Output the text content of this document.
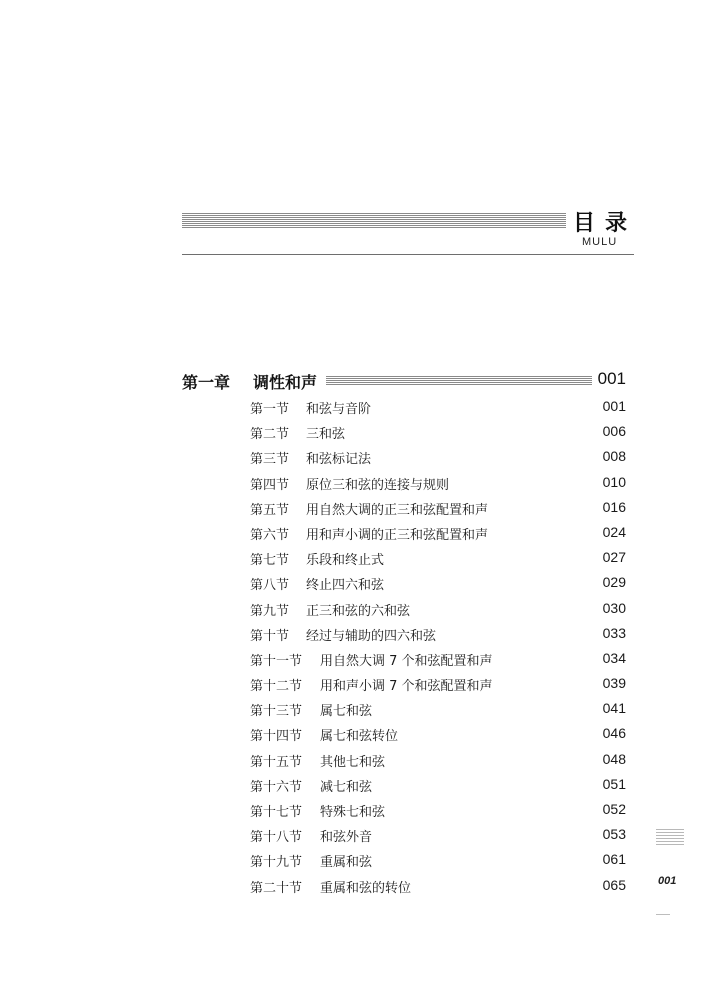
目录
MULU
第一章 调性和声	001
第一节 和弦与音阶	001
第二节 三和弦	006
第三节 和弦标记法	008
第四节 原位三和弦的连接与规则	010
第五节 用自然大调的正三和弦配置和声	016
第六节 用和声小调的正三和弦配置和声	024
第七节 乐段和终止式	027
第八节 终止四六和弦	029
第九节 正三和弦的六和弦	030
第十节 经过与辅助的四六和弦	033
第十一节 用自然大调 7 个和弦配置和声	034
第十二节 用和声小调 7 个和弦配置和声	039
第十三节 属七和弦	041
第十四节 属七和弦转位	046
第十五节 其他七和弦	048
第十六节 减七和弦	051
第十七节 特殊七和弦	052
第十八节 和弦外音	053
第十九节 重属和弦	061
第二十节 重属和弦的转位	065	001
